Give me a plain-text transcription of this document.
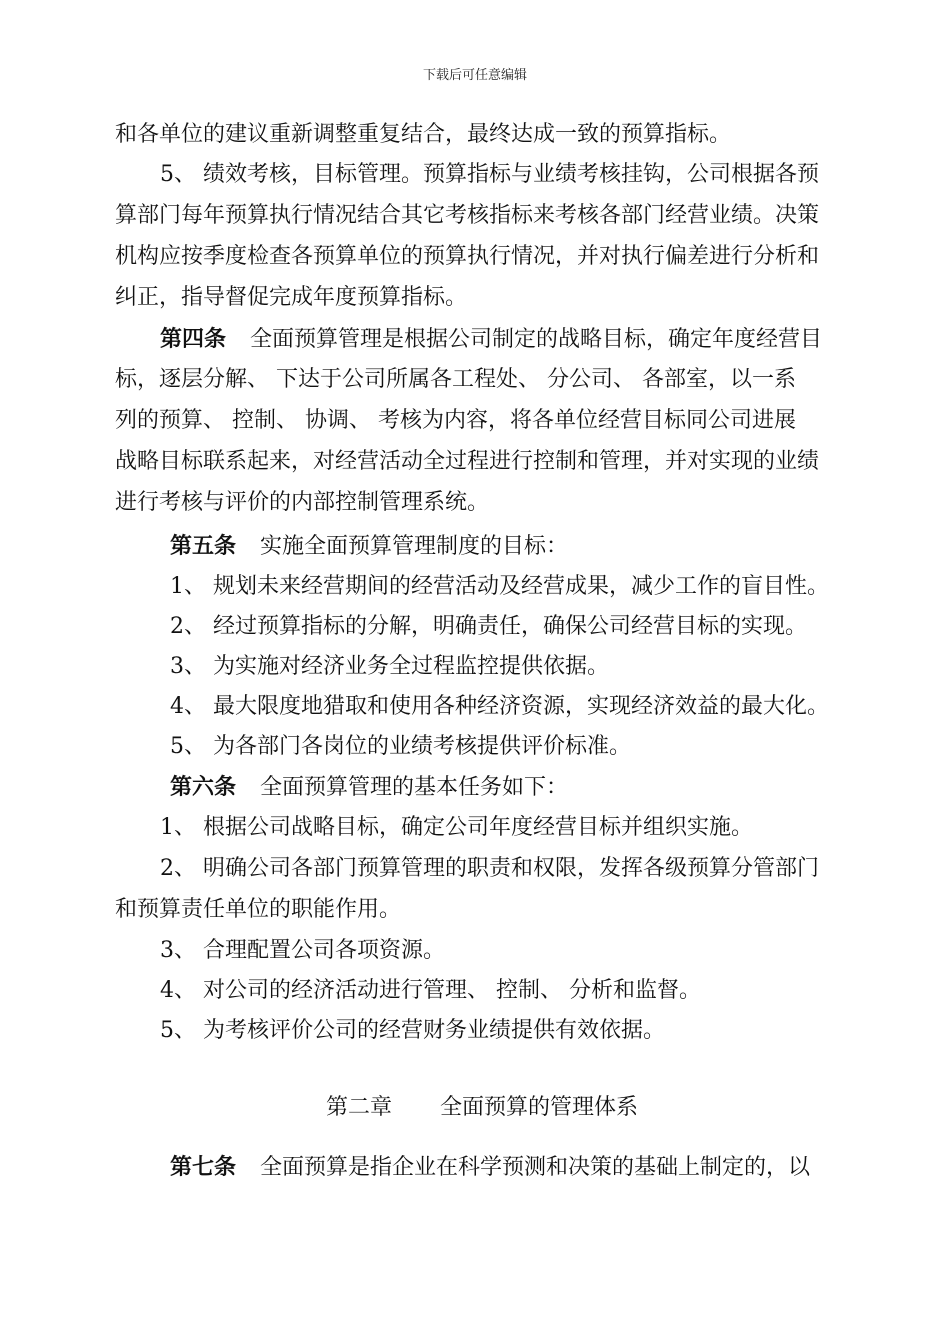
下载后可任意编辑
和各单位的建议重新调整重复结合，最终达成一致的预算指标。
5、 绩效考核，目标管理。预算指标与业绩考核挂钩，公司根据各预
算部门每年预算执行情况结合其它考核指标来考核各部门经营业绩。决策
机构应按季度检查各预算单位的预算执行情况，并对执行偏差进行分析和
纠正，指导督促完成年度预算指标。
第四条 全面预算管理是根据公司制定的战略目标，确定年度经营目
标，逐层分解、 下达于公司所属各工程处、 分公司、 各部室，以一系
列的预算、 控制、 协调、 考核为内容，将各单位经营目标同公司进展
战略目标联系起来，对经营活动全过程进行控制和管理，并对实现的业绩
进行考核与评价的内部控制管理系统。
第五条 实施全面预算管理制度的目标：
1、 规划未来经营期间的经营活动及经营成果，减少工作的盲目性。
2、 经过预算指标的分解，明确责任，确保公司经营目标的实现。
3、 为实施对经济业务全过程监控提供依据。
4、 最大限度地猎取和使用各种经济资源，实现经济效益的最大化。
5、 为各部门各岗位的业绩考核提供评价标准。
第六条 全面预算管理的基本任务如下：
1、 根据公司战略目标，确定公司年度经营目标并组织实施。
2、 明确公司各部门预算管理的职责和权限，发挥各级预算分管部门
和预算责任单位的职能作用。
3、 合理配置公司各项资源。
4、 对公司的经济活动进行管理、 控制、 分析和监督。
5、 为考核评价公司的经营财务业绩提供有效依据。
第二章 全面预算的管理体系
第七条 全面预算是指企业在科学预测和决策的基础上制定的，以
